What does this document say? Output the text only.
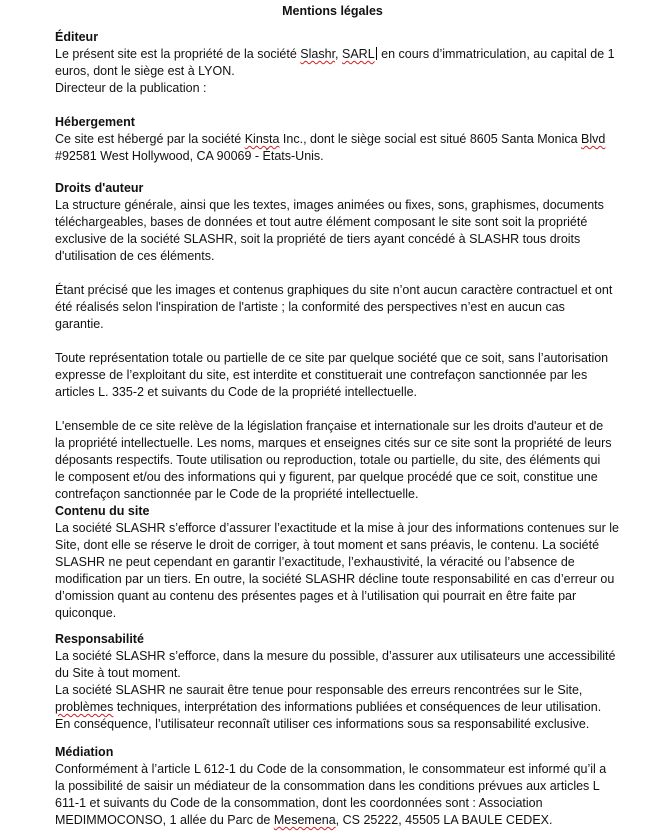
Mentions légales
Éditeur
Le présent site est la propriété de la société Slashr, SARL en cours d’immatriculation, au capital de 1
euros, dont le siège est à LYON.
Directeur de la publication :
Hébergement
Ce site est hébergé par la société Kinsta Inc., dont le siège social est situé 8605 Santa Monica Blvd
#92581 West Hollywood, CA 90069 - États-Unis.
Droits d'auteur
La structure générale, ainsi que les textes, images animées ou fixes, sons, graphismes, documents
téléchargeables, bases de données et tout autre élément composant le site sont soit la propriété
exclusive de la société SLASHR, soit la propriété de tiers ayant concédé à SLASHR tous droits
d'utilisation de ces éléments.
Étant précisé que les images et contenus graphiques du site n’ont aucun caractère contractuel et ont
été réalisés selon l'inspiration de l'artiste ; la conformité des perspectives n’est en aucun cas
garantie.
Toute représentation totale ou partielle de ce site par quelque société que ce soit, sans l’autorisation
expresse de l’exploitant du site, est interdite et constituerait une contrefaçon sanctionnée par les
articles L. 335-2 et suivants du Code de la propriété intellectuelle.
L'ensemble de ce site relève de la législation française et internationale sur les droits d'auteur et de
la propriété intellectuelle. Les noms, marques et enseignes cités sur ce site sont la propriété de leurs
déposants respectifs. Toute utilisation ou reproduction, totale ou partielle, du site, des éléments qui
le composent et/ou des informations qui y figurent, par quelque procédé que ce soit, constitue une
contrefaçon sanctionnée par le Code de la propriété intellectuelle.
Contenu du site
La société SLASHR s’efforce d’assurer l’exactitude et la mise à jour des informations contenues sur le
Site, dont elle se réserve le droit de corriger, à tout moment et sans préavis, le contenu. La société
SLASHR ne peut cependant en garantir l’exactitude, l’exhaustivité, la véracité ou l’absence de
modification par un tiers. En outre, la société SLASHR décline toute responsabilité en cas d’erreur ou
d’omission quant au contenu des présentes pages et à l’utilisation qui pourrait en être faite par
quiconque.
Responsabilité
La société SLASHR s’efforce, dans la mesure du possible, d’assurer aux utilisateurs une accessibilité
du Site à tout moment.
La société SLASHR ne saurait être tenue pour responsable des erreurs rencontrées sur le Site,
problèmes techniques, interprétation des informations publiées et conséquences de leur utilisation.
En conséquence, l’utilisateur reconnaît utiliser ces informations sous sa responsabilité exclusive.
Médiation
Conformément à l’article L 612-1 du Code de la consommation, le consommateur est informé qu’il a
la possibilité de saisir un médiateur de la consommation dans les conditions prévues aux articles L
611-1 et suivants du Code de la consommation, dont les coordonnées sont : Association
MEDIMMOCONSO, 1 allée du Parc de Mesemena, CS 25222, 45505 LA BAULE CEDEX.
